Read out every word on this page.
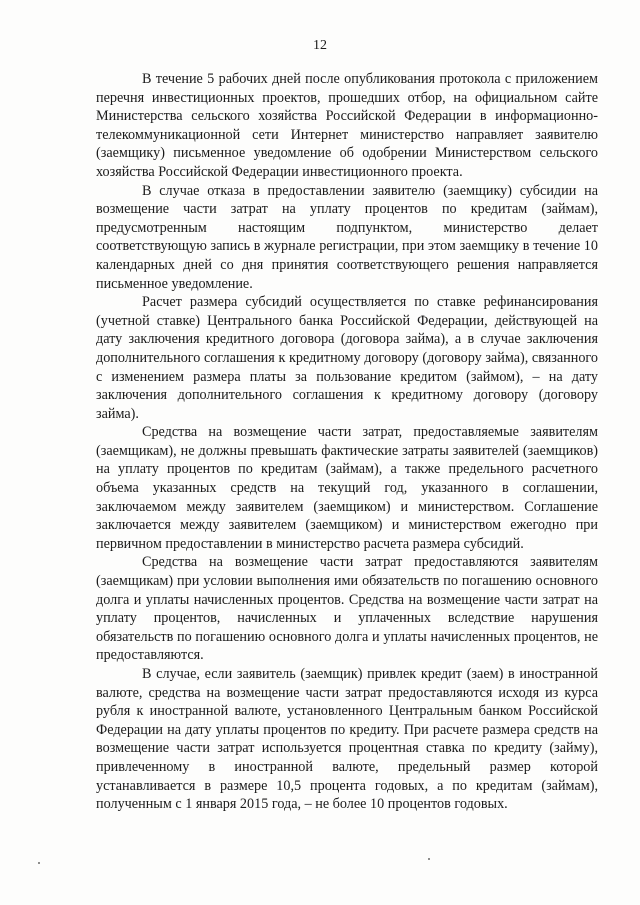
12

В течение 5 рабочих дней после опубликования протокола с приложением перечня инвестиционных проектов, прошедших отбор, на официальном сайте Министерства сельского хозяйства Российской Федерации в информационно-телекоммуникационной сети Интернет министерство направляет заявителю (заемщику) письменное уведомление об одобрении Министерством сельского хозяйства Российской Федерации инвестиционного проекта.

В случае отказа в предоставлении заявителю (заемщику) субсидии на возмещение части затрат на уплату процентов по кредитам (займам), предусмотренным настоящим подпунктом, министерство делает соответствующую запись в журнале регистрации, при этом заемщику в течение 10 календарных дней со дня принятия соответствующего решения направляется письменное уведомление.

Расчет размера субсидий осуществляется по ставке рефинансирования (учетной ставке) Центрального банка Российской Федерации, действующей на дату заключения кредитного договора (договора займа), а в случае заключения дополнительного соглашения к кредитному договору (договору займа), связанного с изменением размера платы за пользование кредитом (займом), – на дату заключения дополнительного соглашения к кредитному договору (договору займа).

Средства на возмещение части затрат, предоставляемые заявителям (заемщикам), не должны превышать фактические затраты заявителей (заемщиков) на уплату процентов по кредитам (займам), а также предельного расчетного объема указанных средств на текущий год, указанного в соглашении, заключаемом между заявителем (заемщиком) и министерством. Соглашение заключается между заявителем (заемщиком) и министерством ежегодно при первичном предоставлении в министерство расчета размера субсидий.

Средства на возмещение части затрат предоставляются заявителям (заемщикам) при условии выполнения ими обязательств по погашению основного долга и уплаты начисленных процентов. Средства на возмещение части затрат на уплату процентов, начисленных и уплаченных вследствие нарушения обязательств по погашению основного долга и уплаты начисленных процентов, не предоставляются.

В случае, если заявитель (заемщик) привлек кредит (заем) в иностранной валюте, средства на возмещение части затрат предоставляются исходя из курса рубля к иностранной валюте, установленного Центральным банком Российской Федерации на дату уплаты процентов по кредиту. При расчете размера средств на возмещение части затрат используется процентная ставка по кредиту (займу), привлеченному в иностранной валюте, предельный размер которой устанавливается в размере 10,5 процента годовых, а по кредитам (займам), полученным с 1 января 2015 года, – не более 10 процентов годовых.
